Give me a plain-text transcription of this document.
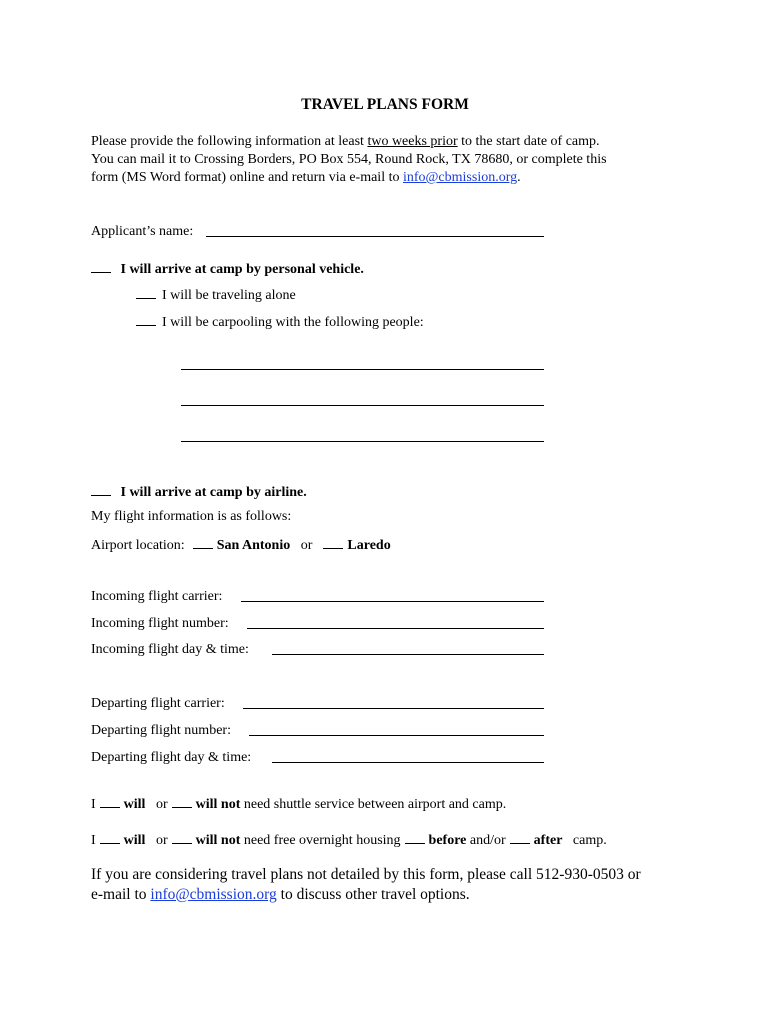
TRAVEL PLANS FORM
Please provide the following information at least two weeks prior to the start date of camp.
You can mail it to Crossing Borders, PO Box 554, Round Rock, TX 78680, or complete this
form (MS Word format) online and return via e-mail to info@cbmission.org.
Applicant’s name:
I will arrive at camp by personal vehicle.
I will be traveling alone
I will be carpooling with the following people:
I will arrive at camp by airline.
My flight information is as follows:
Airport location: San Antonio or	Laredo
Incoming flight carrier:
Incoming flight number:
Incoming flight day & time:
Departing flight carrier:
Departing flight number:
Departing flight day & time:
I will or will not need shuttle service between airport and camp.
I will or will not need free overnight housing before and/or after camp.
If you are considering travel plans not detailed by this form, please call 512-930-0503 or
e-mail to info@cbmission.org to discuss other travel options.
